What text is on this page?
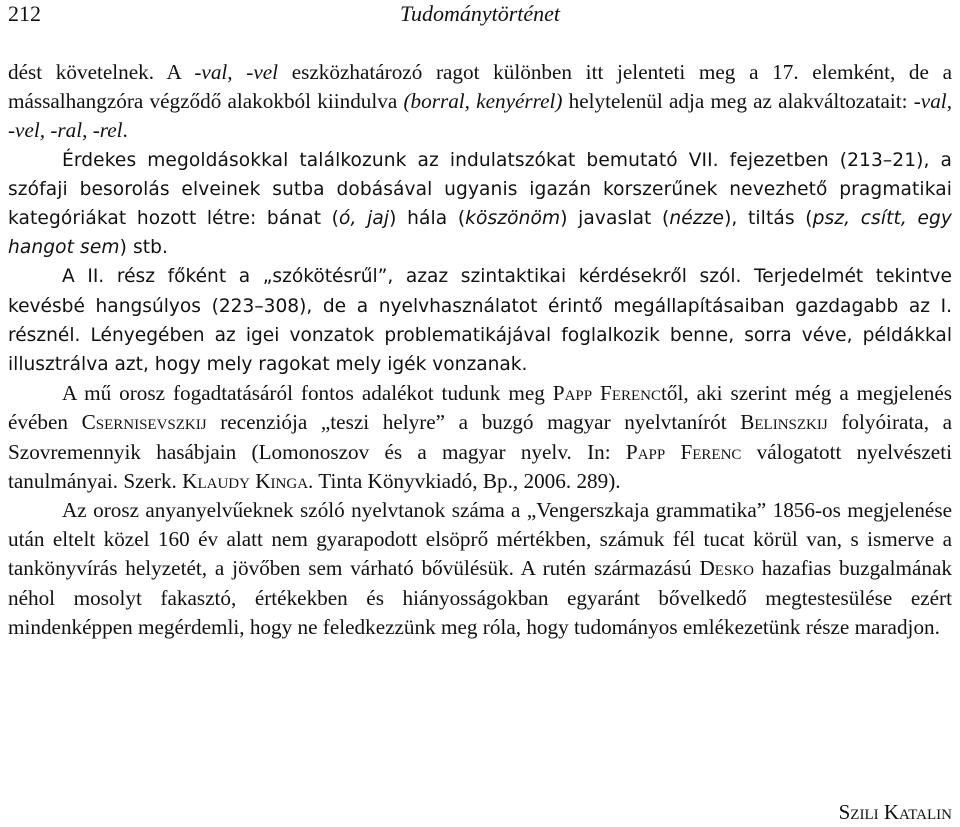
212	Tudománytörténet

dést követelnek. A -val, -vel eszközhatározó ragot különben itt jelenteti meg a 17. elemként, de a mássalhangzóra végződő alakokból kiindulva (borral, kenyérrel) helytelenül adja meg az alakváltozatait: -val, -vel, -ral, -rel.

Érdekes megoldásokkal találkozunk az indulatszókat bemutató VII. fejezetben (213–21), a szófaji besorolás elveinek sutba dobásával ugyanis igazán korszerűnek nevezhető pragmatikai kategóriákat hozott létre: bánat (ó, jaj) hála (köszönöm) javaslat (nézze), tiltás (psz, csítt, egy hangot sem) stb.

A II. rész főként a „szókötésrűl”, azaz szintaktikai kérdésekről szól. Terjedelmét tekintve kevésbé hangsúlyos (223–308), de a nyelvhasználatot érintő megállapításaiban gazdagabb az I. résznél. Lényegében az igei vonzatok problematikájával foglalkozik benne, sorra véve, példákkal illusztrálva azt, hogy mely ragokat mely igék vonzanak.

A mű orosz fogadtatásáról fontos adalékot tudunk meg Papp Ferenctől, aki szerint még a megjelenés évében Csernisevszkij recenziója „teszi helyre” a buzgó magyar nyelvtanírót Belinszkij folyóirata, a Szovremennyik hasábjain (Lomonoszov és a magyar nyelv. In: Papp Ferenc válogatott nyelvészeti tanulmányai. Szerk. Klaudy Kinga. Tinta Könyvkiadó, Bp., 2006. 289).

Az orosz anyanyelvűeknek szóló nyelvtanok száma a „Vengerszkaja grammatika” 1856-os megjelenése után eltelt közel 160 év alatt nem gyarapodott elsöprő mértékben, számuk fél tucat körül van, s ismerve a tankönyvírás helyzetét, a jövőben sem várható bővülésük. A rutén származású Desko hazafias buzgalmának néhol mosolyt fakasztó, értékekben és hiányosságokban egyaránt bővelkedő megtestesülése ezért mindenképpen megérdemli, hogy ne feledkezzünk meg róla, hogy tudományos emlékezetünk része maradjon.

Szili Katalin
